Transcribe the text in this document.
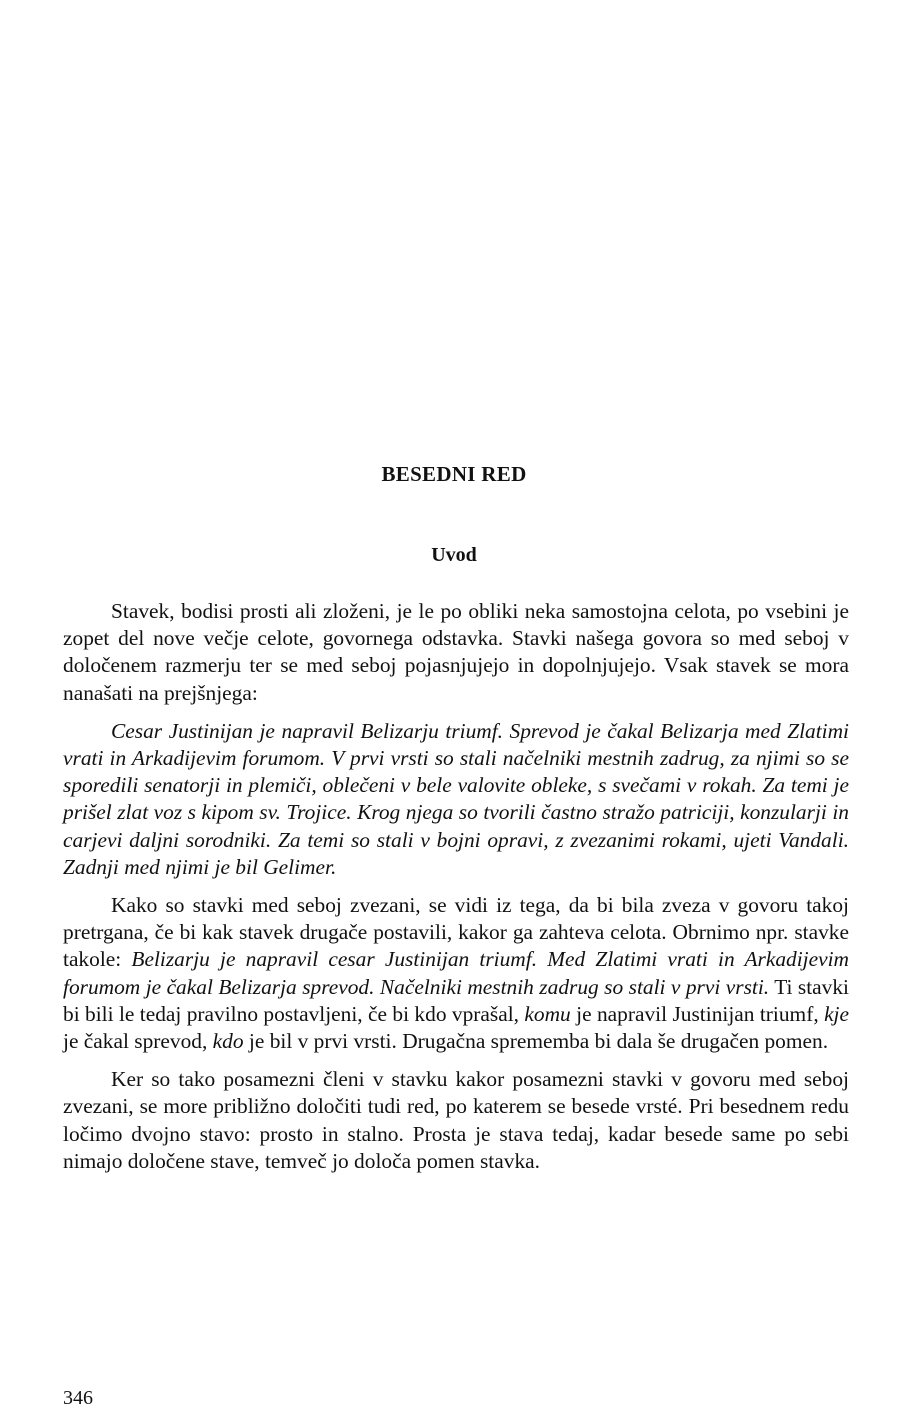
BESEDNI RED
Uvod

Stavek, bodisi prosti ali zloženi, je le po obliki neka samostojna celota, po vsebini je zopet del nove večje celote, govornega odstavka. Stavki našega govora so med seboj v določenem razmerju ter se med seboj pojasnjujejo in dopolnjujejo. Vsak stavek se mora nanašati na prejšnjega:

Cesar Justinijan je napravil Belizarju triumf. Sprevod je čakal Belizarja med Zlatimi vrati in Arkadijevim forumom. V prvi vrsti so stali načelniki mestnih zadrug, za njimi so se sporedili senatorji in plemiči, oblečeni v bele valovite obleke, s svečami v rokah. Za temi je prišel zlat voz s kipom sv. Trojice. Krog njega so tvorili častno stražo patriciji, konzularji in carjevi daljni sorodniki. Za temi so stali v bojni opravi, z zvezanimi rokami, ujeti Vandali. Zadnji med njimi je bil Gelimer.

Kako so stavki med seboj zvezani, se vidi iz tega, da bi bila zveza v govoru takoj pretrgana, če bi kak stavek drugače postavili, kakor ga zahteva celota. Obrnimo npr. stavke takole: Belizarju je napravil cesar Justinijan triumf. Med Zlatimi vrati in Arkadijevim forumom je čakal Belizarja sprevod. Načelniki mestnih zadrug so stali v prvi vrsti. Ti stavki bi bili le tedaj pravilno postavljeni, če bi kdo vprašal, komu je napravil Justinijan triumf, kje je čakal sprevod, kdo je bil v prvi vrsti. Drugačna sprememba bi dala še drugačen pomen.

Ker so tako posamezni členi v stavku kakor posamezni stavki v govoru med seboj zvezani, se more približno določiti tudi red, po katerem se besede vrsté. Pri besednem redu ločimo dvojno stavo: prosto in stalno. Prosta je stava tedaj, kadar besede same po sebi nimajo določene stave, temveč jo določa pomen stavka.

346
